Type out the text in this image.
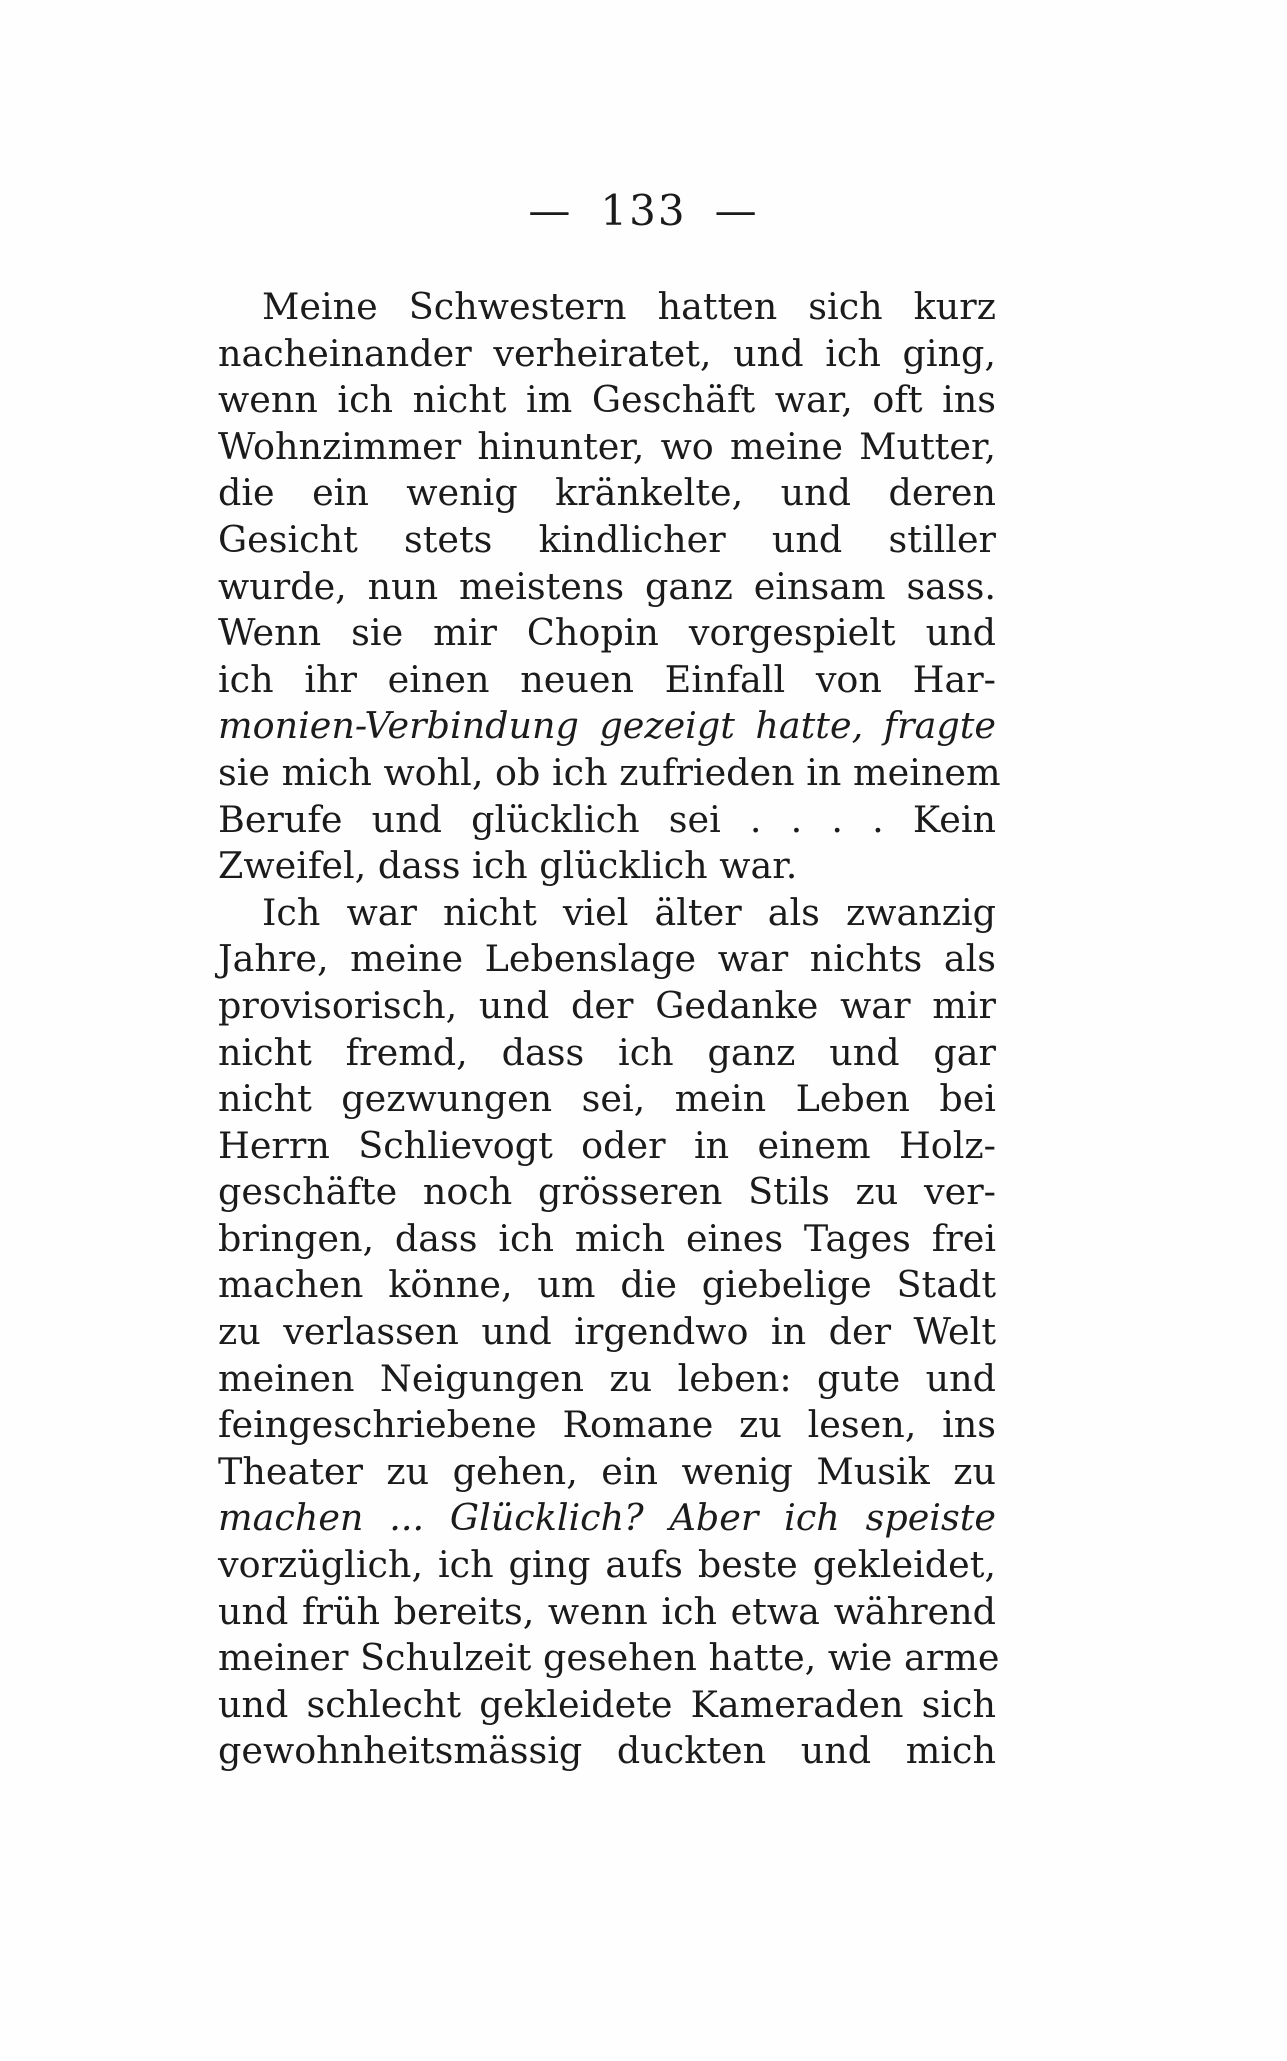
— 133 —
Meine Schwestern hatten sich kurz
nacheinander verheiratet, und ich ging,
wenn ich nicht im Geschäft war, oft ins
Wohnzimmer hinunter, wo meine Mutter,
die ein wenig kränkelte, und deren
Gesicht stets kindlicher und stiller
wurde, nun meistens ganz einsam sass.
Wenn sie mir Chopin vorgespielt und
ich ihr einen neuen Einfall von Har-
monien-Verbindung gezeigt hatte, fragte
sie mich wohl, ob ich zufrieden in meinem
Berufe und glücklich sei . . . . Kein
Zweifel, dass ich glücklich war.
Ich war nicht viel älter als zwanzig
Jahre, meine Lebenslage war nichts als
provisorisch, und der Gedanke war mir
nicht fremd, dass ich ganz und gar
nicht gezwungen sei, mein Leben bei
Herrn Schlievogt oder in einem Holz-
geschäfte noch grösseren Stils zu ver-
bringen, dass ich mich eines Tages frei
machen könne, um die giebelige Stadt
zu verlassen und irgendwo in der Welt
meinen Neigungen zu leben: gute und
feingeschriebene Romane zu lesen, ins
Theater zu gehen, ein wenig Musik zu
machen ... Glücklich? Aber ich speiste
vorzüglich, ich ging aufs beste gekleidet,
und früh bereits, wenn ich etwa während
meiner Schulzeit gesehen hatte, wie arme
und schlecht gekleidete Kameraden sich
gewohnheitsmässig duckten und mich
